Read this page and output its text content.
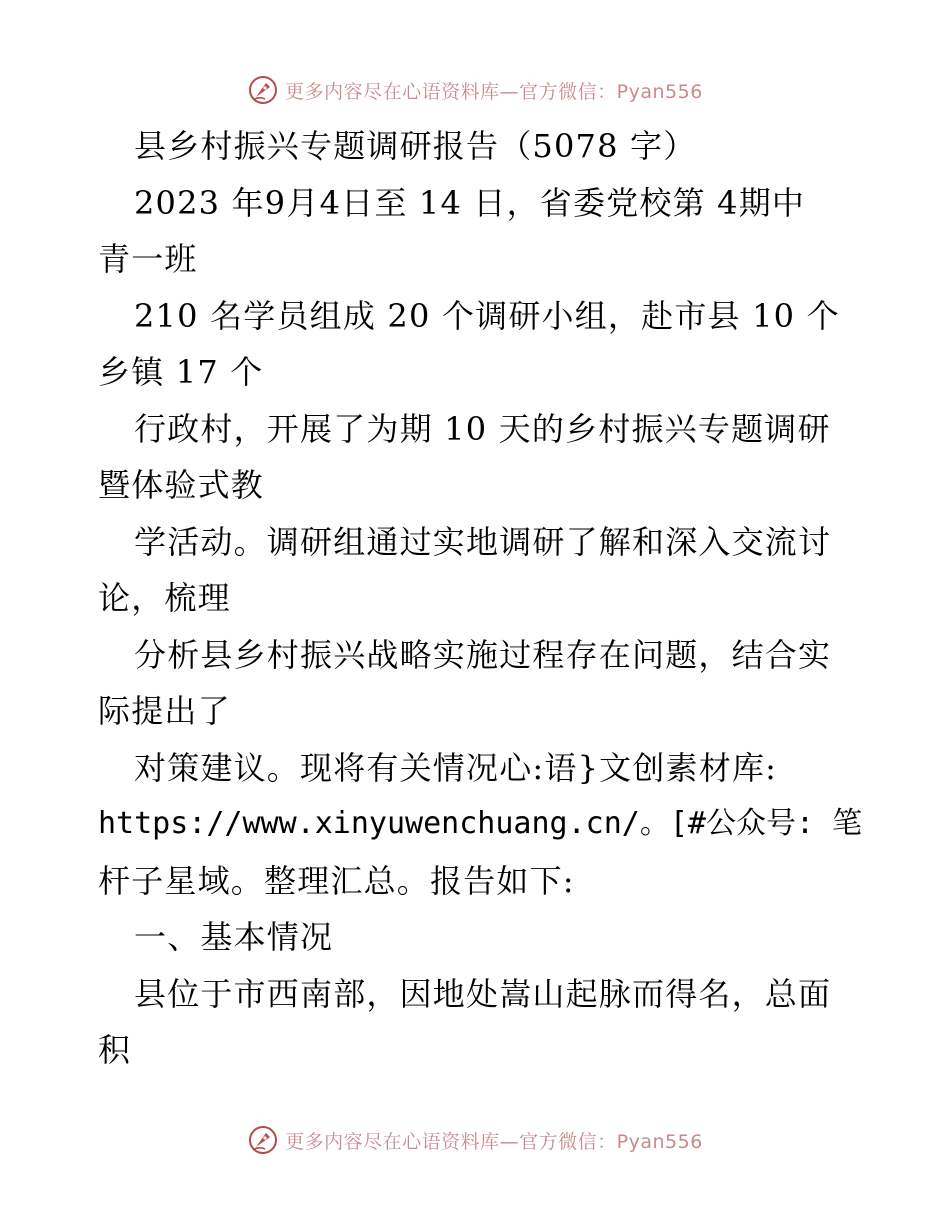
更多内容尽在心语资料库—官方微信：Pyan556
县乡村振兴专题调研报告（5078 字）
2023 年9月4日至 14 日，省委党校第 4期中
青一班
210 名学员组成 20 个调研小组，赴市县 10 个
乡镇 17 个
行政村，开展了为期 10 天的乡村振兴专题调研
暨体验式教
学活动。调研组通过实地调研了解和深入交流讨
论，梳理
分析县乡村振兴战略实施过程存在问题，结合实
际提出了
对策建议。现将有关情况心:语}文创素材库:
https://www.xinyuwenchuang.cn/。[#公众号: 笔
杆子星域。整理汇总。报告如下:
一、基本情况
县位于市西南部，因地处嵩山起脉而得名，总面
积
更多内容尽在心语资料库—官方微信：Pyan556
